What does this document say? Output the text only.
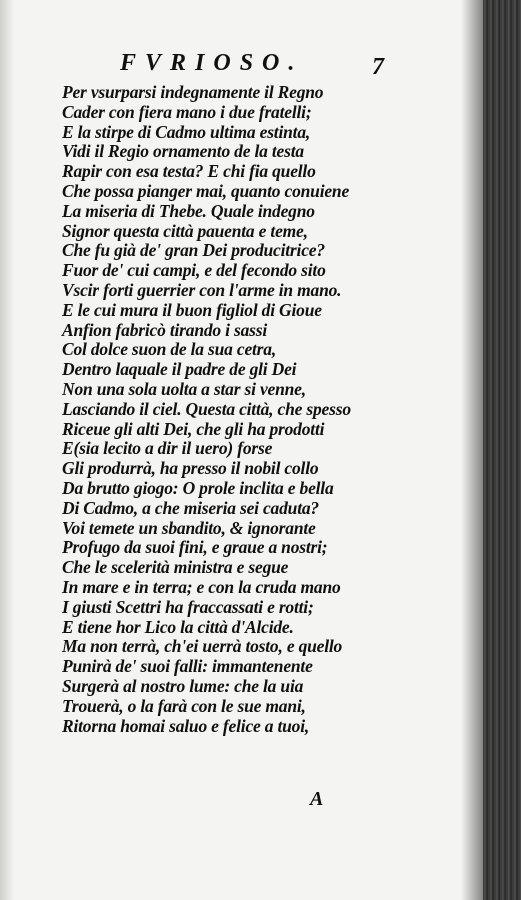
FVRIOSO.	7
Per vsurparsi indegnamente il Regno
Cader con fiera mano i due fratelli;
E la stirpe di Cadmo ultima estinta,
Vidi il Regio ornamento de la testa
Rapir con esa testa? E chi fia quello
Che possa pianger mai, quanto conuiene
La miseria di Thebe. Quale indegno
Signor questa città pauenta e teme,
Che fu già de' gran Dei producitrice?
Fuor de' cui campi, e del fecondo sito
Vscir forti guerrier con l'arme in mano.
E le cui mura il buon figliol di Gioue
Anfion fabricò tirando i sassi
Col dolce suon de la sua cetra,
Dentro laquale il padre de gli Dei
Non una sola uolta a star si venne,
Lasciando il ciel. Questa città, che spesso
Riceue gli alti Dei, che gli ha prodotti
E(sia lecito a dir il uero) forse
Gli produrrà, ha presso il nobil collo
Da brutto giogo: O prole inclita e bella
Di Cadmo, a che miseria sei caduta?
Voi temete un sbandito, & ignorante
Profugo da suoi fini, e graue a nostri;
Che le scelerità ministra e segue
In mare e in terra; e con la cruda mano
I giusti Scettri ha fraccassati e rotti;
E tiene hor Lico la città d'Alcide.
Ma non terrà, ch'ei uerrà tosto, e quello
Punirà de' suoi falli: immantenente
Surgerà al nostro lume: che la uia
Trouerà, o la farà con le sue mani,
Ritorna homai saluo e felice a tuoi,
A
